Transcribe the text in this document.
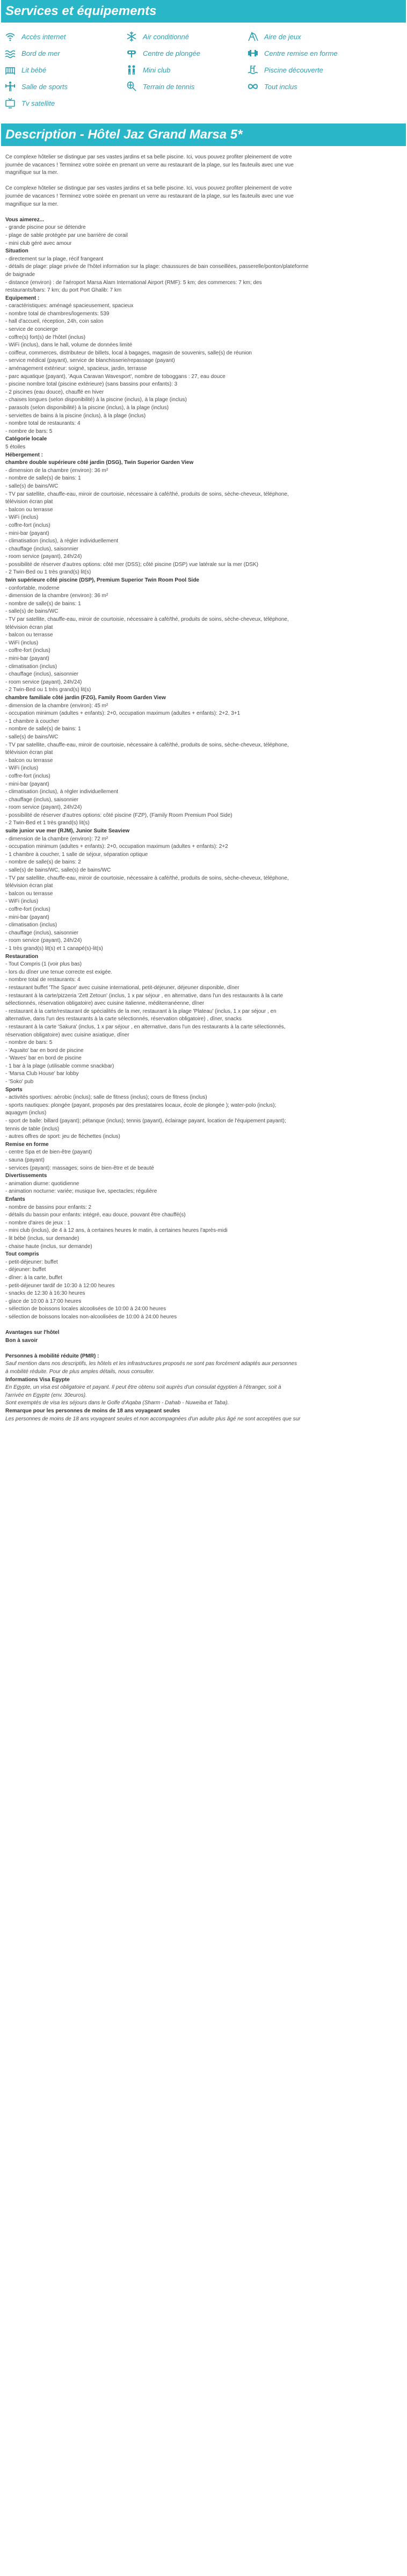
Services et équipements
Accès internet	Air conditionné	Aire de jeux
Bord de mer	Centre de plongée	Centre remise en forme
Lit bébé	Mini club	Piscine découverte
Salle de sports	Terrain de tennis	Tout inclus
Tv satellite
Description - Hôtel Jaz Grand Marsa 5*

Ce complexe hôtelier se distingue par ses vastes jardins et sa belle piscine. Ici, vous pouvez profiter pleinement de votre

journée de vacances ! Terminez votre soirée en prenant un verre au restaurant de la plage, sur les fauteuils avec une vue

magnifique sur la mer.

Ce complexe hôtelier se distingue par ses vastes jardins et sa belle piscine. Ici, vous pouvez profiter pleinement de votre

journée de vacances ! Terminez votre soirée en prenant un verre au restaurant de la plage, sur les fauteuils avec une vue

magnifique sur la mer.

Vous aimerez...

- grande piscine pour se détendre

- plage de sable protégée par une barrière de corail

- mini club géré avec amour

Situation

- directement sur la plage, récif frangeant

- détails de plage: plage privée de l'hôtel information sur la plage: chaussures de bain conseillées, passerelle/ponton/plateforme

de baignade

- distance (environ) : de l'aéroport Marsa Alam International Airport (RMF): 5 km; des commerces: 7 km; des

restaurants/bars: 7 km; du port Port Ghalib: 7 km

Equipement :

- caractéristiques: aménagé spacieusement, spacieux

- nombre total de chambres/logements: 539

- hall d'accueil, réception, 24h, coin salon

- service de concierge

- coffre(s) fort(s) de l'hôtel (inclus)

- WiFi (inclus), dans le hall, volume de données limité

- coiffeur, commerces, distributeur de billets, local à bagages, magasin de souvenirs, salle(s) de réunion

- service médical (payant), service de blanchisserie/repassage (payant)

- aménagement extérieur: soigné, spacieux, jardin, terrasse

- parc aquatique (payant), 'Aqua Caravan Wavesport', nombre de toboggans : 27, eau douce

- piscine nombre total (piscine extérieure) (sans bassins pour enfants): 3

- 2 piscines (eau douce), chauffé en hiver

- chaises longues (selon disponibilité) à la piscine (inclus), à la plage (inclus)

- parasols (selon disponibilité) à la piscine (inclus), à la plage (inclus)

- serviettes de bains à la piscine (inclus), à la plage (inclus)

- nombre total de restaurants: 4

- nombre de bars: 5

Catégorie locale

5 étoiles

Hébergement :

chambre double supérieure côté jardin (DSG), Twin Superior Garden View

- dimension de la chambre (environ): 36 m²

- nombre de salle(s) de bains: 1

- salle(s) de bains/WC

- TV par satellite, chauffe-eau, miroir de courtoisie, nécessaire à café/thé, produits de soins, sèche-cheveux, téléphone,

télévision écran plat

- balcon ou terrasse

- WiFi (inclus)

- coffre-fort (inclus)

- mini-bar (payant)

- climatisation (inclus), à régler individuellement

- chauffage (inclus), saisonnier

- room service (payant), 24h/24)

- possibilité de réserver d'autres options: côté mer (DSS); côté piscine (DSP) vue latérale sur la mer (DSK)

- 2 Twin-Bed ou 1 très grand(s) lit(s)

twin supérieure côté piscine (DSP), Premium Superior Twin Room Pool Side

- confortable, moderne

- dimension de la chambre (environ): 36 m²

- nombre de salle(s) de bains: 1

- salle(s) de bains/WC

- TV par satellite, chauffe-eau, miroir de courtoisie, nécessaire à café/thé, produits de soins, sèche-cheveux, téléphone,

télévision écran plat

- balcon ou terrasse

- WiFi (inclus)

- coffre-fort (inclus)

- mini-bar (payant)

- climatisation (inclus)

- chauffage (inclus), saisonnier

- room service (payant), 24h/24)

- 2 Twin-Bed ou 1 très grand(s) lit(s)

chambre familiale côté jardin (FZG), Family Room Garden View

- dimension de la chambre (environ): 45 m²

- occupation minimum (adultes + enfants): 2+0, occupation maximum (adultes + enfants): 2+2, 3+1

- 1 chambre à coucher

- nombre de salle(s) de bains: 1

- salle(s) de bains/WC

- TV par satellite, chauffe-eau, miroir de courtoisie, nécessaire à café/thé, produits de soins, sèche-cheveux, téléphone,

télévision écran plat

- balcon ou terrasse

- WiFi (inclus)

- coffre-fort (inclus)

- mini-bar (payant)

- climatisation (inclus), à régler individuellement

- chauffage (inclus), saisonnier

- room service (payant), 24h/24)

- possibilité de réserver d'autres options: côté piscine (FZP), (Family Room Premium Pool Side)

- 2 Twin-Bed et 1 très grand(s) lit(s)

suite junior vue mer (RJM), Junior Suite Seaview

- dimension de la chambre (environ): 72 m²

- occupation minimum (adultes + enfants): 2+0, occupation maximum (adultes + enfants): 2+2

- 1 chambre à coucher, 1 salle de séjour, séparation optique

- nombre de salle(s) de bains: 2

- salle(s) de bains/WC, salle(s) de bains/WC

- TV par satellite, chauffe-eau, miroir de courtoisie, nécessaire à café/thé, produits de soins, sèche-cheveux, téléphone,

télévision écran plat

- balcon ou terrasse

- WiFi (inclus)

- coffre-fort (inclus)

- mini-bar (payant)

- climatisation (inclus)

- chauffage (inclus), saisonnier

- room service (payant), 24h/24)

- 1 très grand(s) lit(s) et 1 canapé(s)-lit(s)

Restauration

- Tout Compris (1 (voir plus bas)

- lors du dîner une tenue correcte est exigée.

- nombre total de restaurants: 4

- restaurant buffet 'The Space' avec cuisine international, petit-déjeuner, déjeuner disponible, dîner

- restaurant à la carte/pizzeria 'Zett Zetoun' (inclus, 1 x par séjour , en alternative, dans l'un des restaurants à la carte

sélectionnés, réservation obligatoire) avec cuisine italienne, méditerranéenne, dîner

- restaurant à la carte/restaurant de spécialités de la mer, restaurant à la plage 'Plateau' (inclus, 1 x par séjour , en

alternative, dans l'un des restaurants à la carte sélectionnés, réservation obligatoire) , dîner, snacks

- restaurant à la carte 'Sakura' (inclus, 1 x par séjour , en alternative, dans l'un des restaurants à la carte sélectionnés,

réservation obligatoire) avec cuisine asiatique, dîner

- nombre de bars: 5

- 'Aquaito' bar en bord de piscine

- 'Waves' bar en bord de piscine

- 1 bar à la plage (utilisable comme snackbar)

- 'Marsa Club House' bar lobby

- 'Soko' pub

Sports

- activités sportives: aérobic (inclus); salle de fitness (inclus); cours de fitness (inclus)

- sports nautiques: plongée (payant, proposés par des prestataires locaux, école de plongée ); water-polo (inclus);

aquagym (inclus)

- sport de balle: billard (payant); pétanque (inclus); tennis (payant), éclairage payant, location de l'équipement payant);

tennis de table (inclus)

- autres offres de sport: jeu de fléchettes (inclus)

Remise en forme

- centre Spa et de bien-être (payant)

- sauna (payant)

- services (payant): massages; soins de bien-être et de beauté

Divertissements

- animation diurne: quotidienne

- animation nocturne: variée; musique live, spectacles; régulière

Enfants

- nombre de bassins pour enfants: 2

- détails du bassin pour enfants: intégré, eau douce, pouvant être chauffé(s)

- nombre d'aires de jeux : 1

- mini club (inclus), de 4 à 12 ans, à certaines heures le matin, à certaines heures l'après-midi

- lit bébé (inclus, sur demande)

- chaise haute (inclus, sur demande)

Tout compris

- petit-déjeuner: buffet

- déjeuner: buffet

- dîner: à la carte, buffet

- petit-déjeuner tardif de 10:30 à 12:00 heures

- snacks de 12:30 à 16:30 heures

- glace de 10:00 à 17:00 heures

- sélection de boissons locales alcoolisées de 10:00 à 24:00 heures

- sélection de boissons locales non-alcoolisées de 10:00 à 24:00 heures

Avantages sur l'hôtel

Bon à savoir

Personnes à mobilité réduite (PMR) :

Sauf mention dans nos descriptifs, les hôtels et les infrastructures proposés ne sont pas forcément adaptés aux personnes

à mobilité réduite. Pour de plus amples détails, nous consulter.

Informations Visa Egypte

En Egypte, un visa est obligatoire et payant. Il peut être obtenu soit auprès d'un consulat égyptien à l'étranger, soit à

l'arrivée en Egypte (env. 30euros).

Sont exemptés de visa les séjours dans le Golfe d'Aqaba (Sharm - Dahab - Nuweiba et Taba).

Remarque pour les personnes de moins de 18 ans voyageant seules

Les personnes de moins de 18 ans voyageant seules et non accompagnées d'un adulte plus âgé ne sont acceptées que sur
